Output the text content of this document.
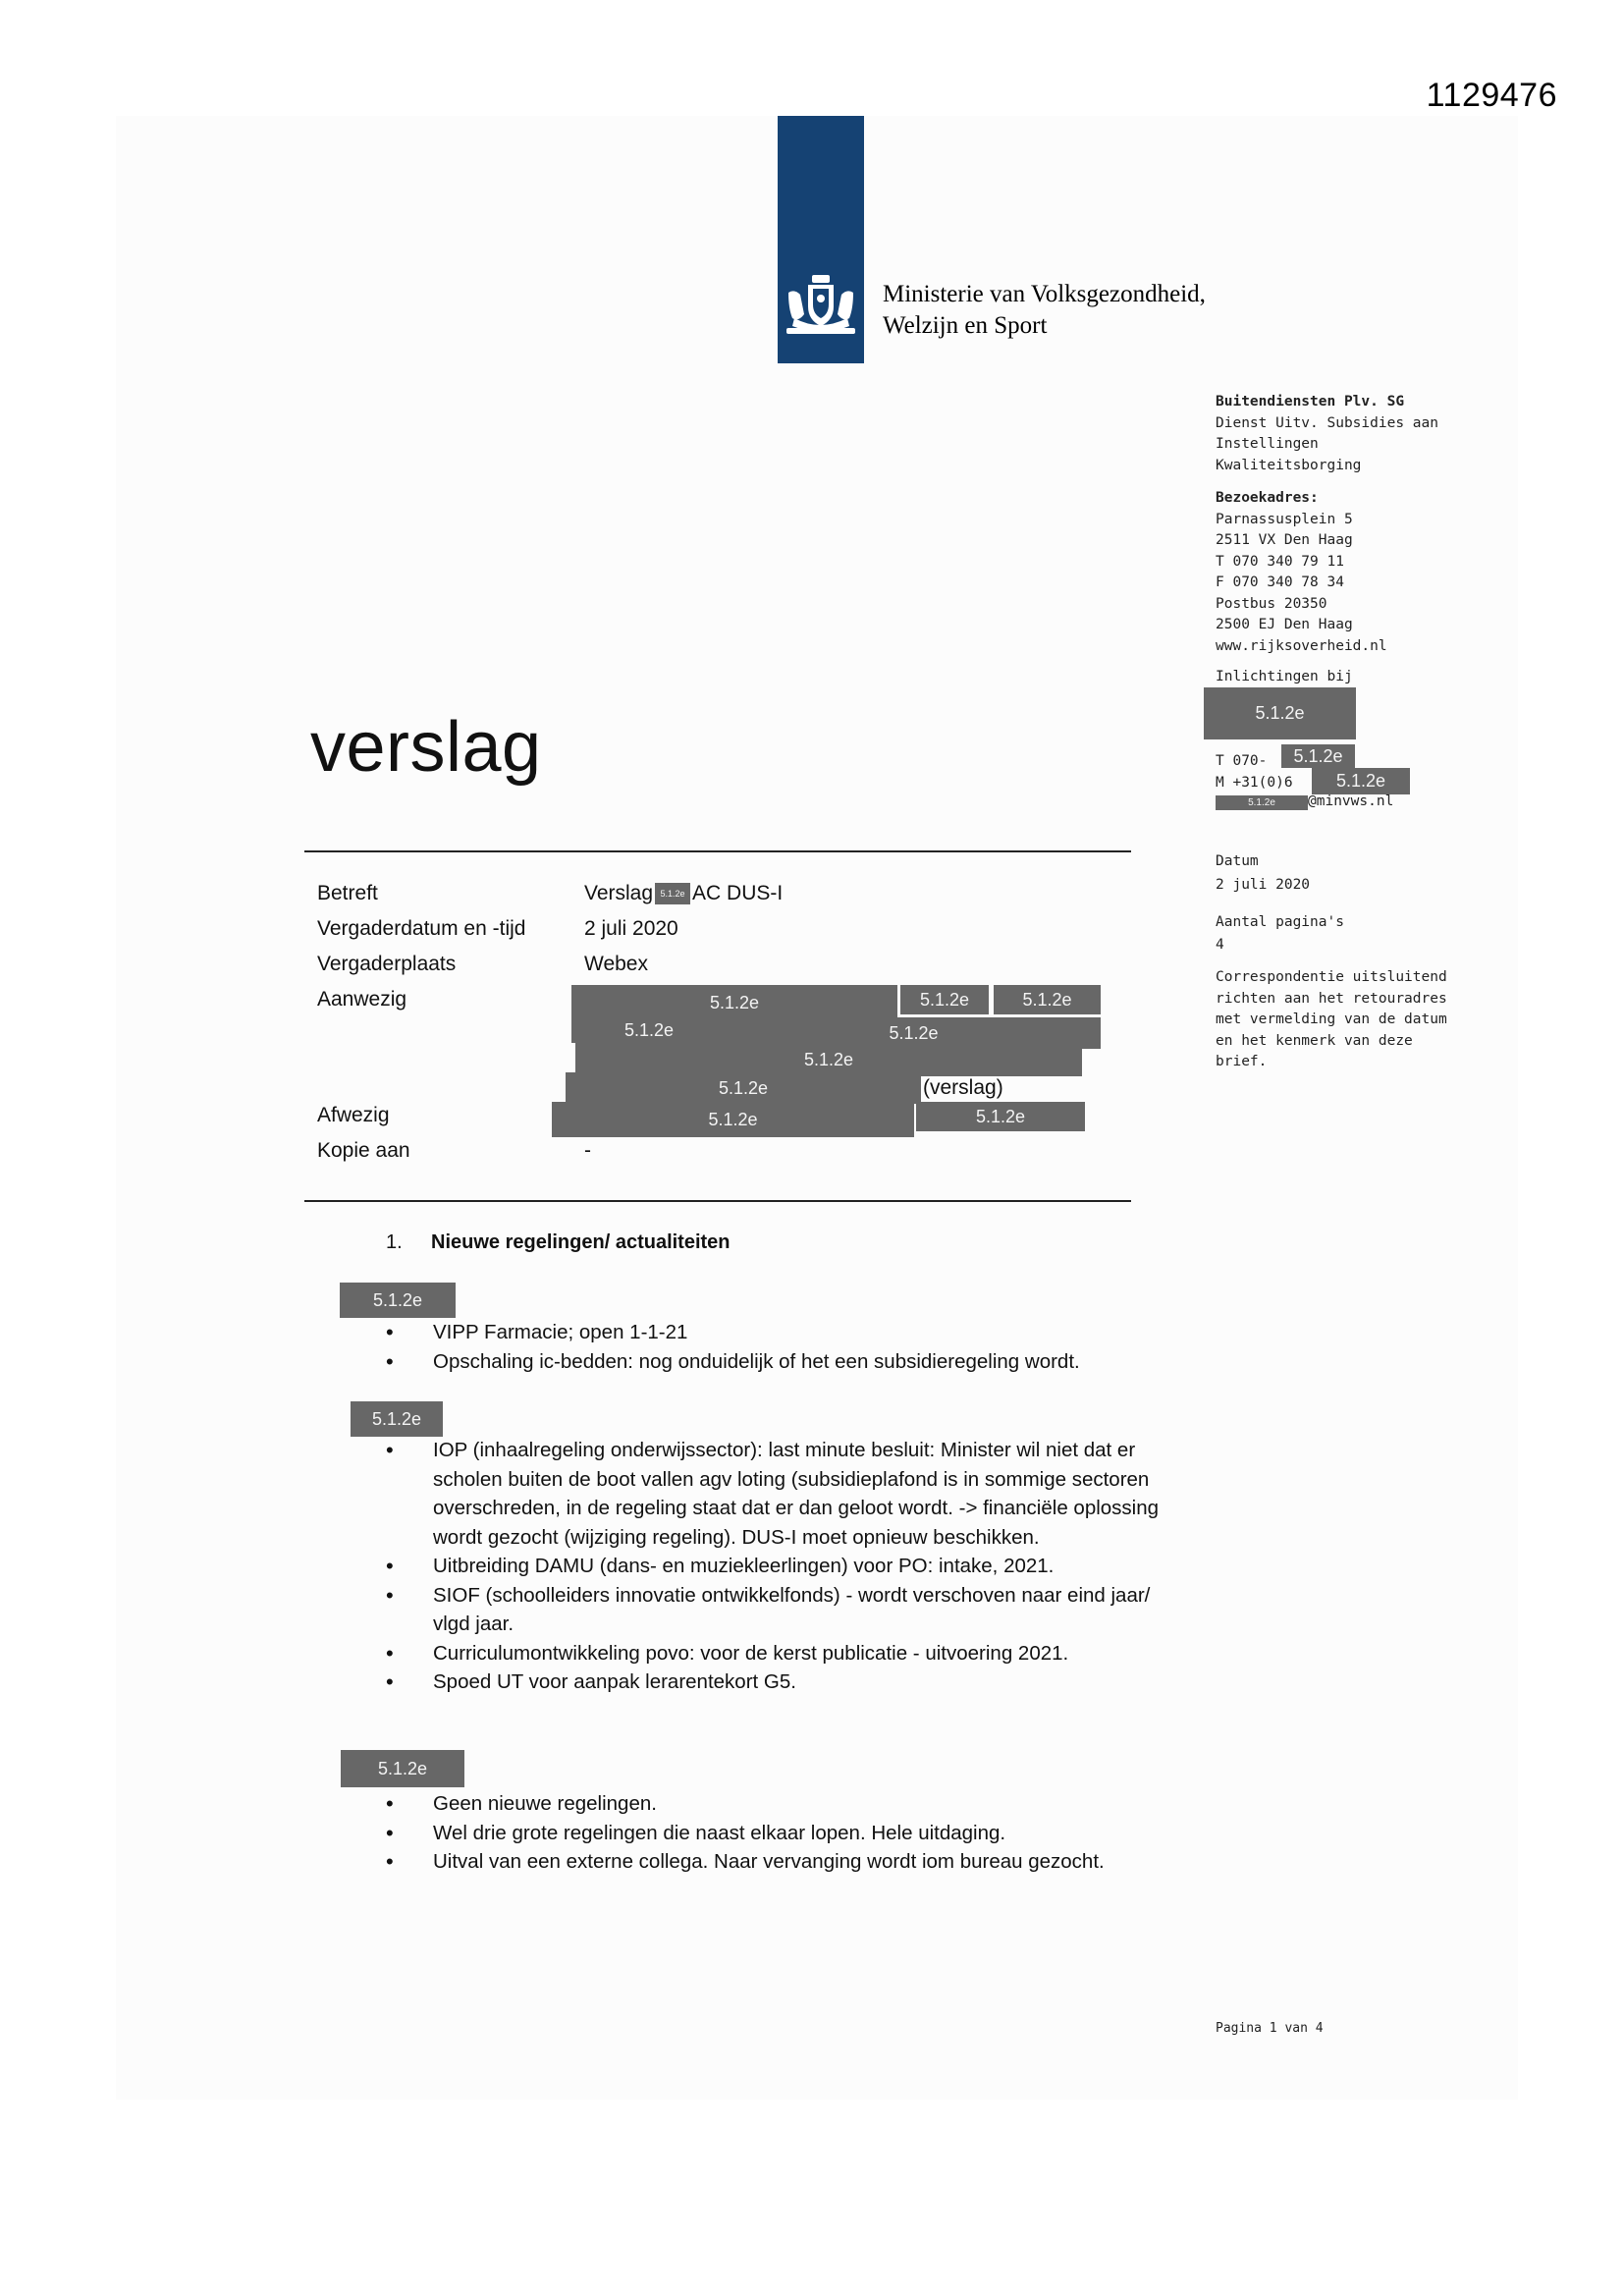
1129476
Ministerie van Volksgezondheid,
Welzijn en Sport
Buitendiensten Plv. SG
Dienst Uitv. Subsidies aan
Instellingen
Kwaliteitsborging
Bezoekadres:
Parnassusplein 5
2511 VX Den Haag
T 070 340 79 11
F 070 340 78 34
Postbus 20350
2500 EJ Den Haag
www.rijksoverheid.nl
Inlichtingen bij
5.1.2e
T 070-	5.1.2e
M +31(0)6	5.1.2e
5.1.2e	@minvws.nl
Datum
2 juli 2020
Aantal pagina's
4
Correspondentie uitsluitend
richten aan het retouradres
met vermelding van de datum
en het kenmerk van deze
brief.
verslag
Betreft	Verslag 5.1.2e AC DUS-I
Vergaderdatum en -tijd	2 juli 2020
Vergaderplaats	Webex
Aanwezig	5.1.2e	5.1.2e	5.1.2e
5.1.2e	5.1.2e
5.1.2e
5.1.2e	(verslag)
Afwezig	5.1.2e	5.1.2e
Kopie aan	-
1. Nieuwe regelingen/ actualiteiten
5.1.2e
• VIPP Farmacie; open 1-1-21
• Opschaling ic-bedden: nog onduidelijk of het een subsidieregeling wordt.
5.1.2e
• IOP (inhaalregeling onderwijssector): last minute besluit: Minister wil niet dat er scholen buiten de boot vallen agv loting (subsidieplafond is in sommige sectoren overschreden, in de regeling staat dat er dan geloot wordt. -> financiële oplossing wordt gezocht (wijziging regeling). DUS-I moet opnieuw beschikken.
• Uitbreiding DAMU (dans- en muziekleerlingen) voor PO: intake, 2021.
• SIOF (schoolleiders innovatie ontwikkelfonds) - wordt verschoven naar eind jaar/ vlgd jaar.
• Curriculumontwikkeling povo: voor de kerst publicatie - uitvoering 2021.
• Spoed UT voor aanpak lerarentekort G5.
5.1.2e
• Geen nieuwe regelingen.
• Wel drie grote regelingen die naast elkaar lopen. Hele uitdaging.
• Uitval van een externe collega. Naar vervanging wordt iom bureau gezocht.
Pagina 1 van 4
